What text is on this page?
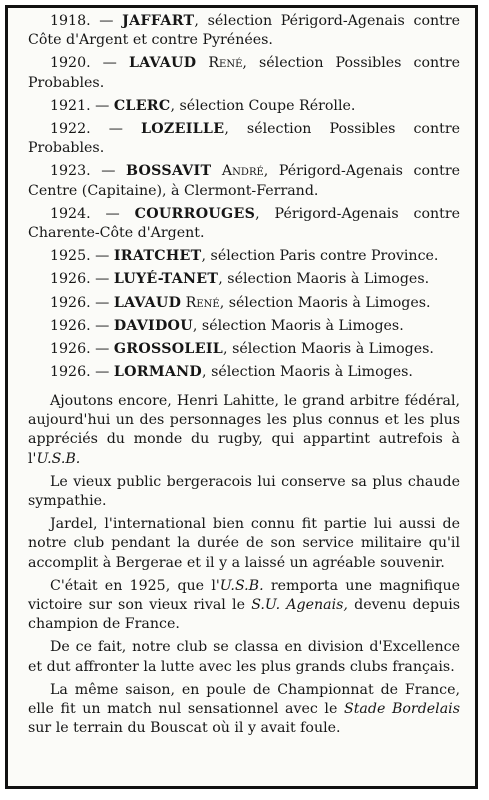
1918. — JAFFART, sélection Périgord-Agenais contre Côte d'Argent et contre Pyrénées.
1920. — LAVAUD René, sélection Possibles contre Probables.
1921. — CLERC, sélection Coupe Rérolle.
1922. — LOZEILLE, sélection Possibles contre Probables.
1923. — BOSSAVIT André, Périgord-Agenais contre Centre (Capitaine), à Clermont-Ferrand.
1924. — COURROUGES, Périgord-Agenais contre Charente-Côte d'Argent.
1925. — IRATCHET, sélection Paris contre Province.
1926. — LUYÉ-TANET, sélection Maoris à Limoges.
1926. — LAVAUD René, sélection Maoris à Limoges.
1926. — DAVIDOU, sélection Maoris à Limoges.
1926. — GROSSOLEIL, sélection Maoris à Limoges.
1926. — LORMAND, sélection Maoris à Limoges.
Ajoutons encore, Henri Lahitte, le grand arbitre fédéral, aujourd'hui un des personnages les plus connus et les plus appréciés du monde du rugby, qui appartint autrefois à l'U.S.B.
Le vieux public bergeracois lui conserve sa plus chaude sympathie.
Jardel, l'international bien connu fit partie lui aussi de notre club pendant la durée de son service militaire qu'il accomplit à Bergerae et il y a laissé un agréable souvenir.
C'était en 1925, que l'U.S.B. remporta une magnifique victoire sur son vieux rival le S.U. Agenais, devenu depuis champion de France.
De ce fait, notre club se classa en division d'Excellence et dut affronter la lutte avec les plus grands clubs français.
La même saison, en poule de Championnat de France, elle fit un match nul sensationnel avec le Stade Bordelais sur le terrain du Bouscat où il y avait foule.
